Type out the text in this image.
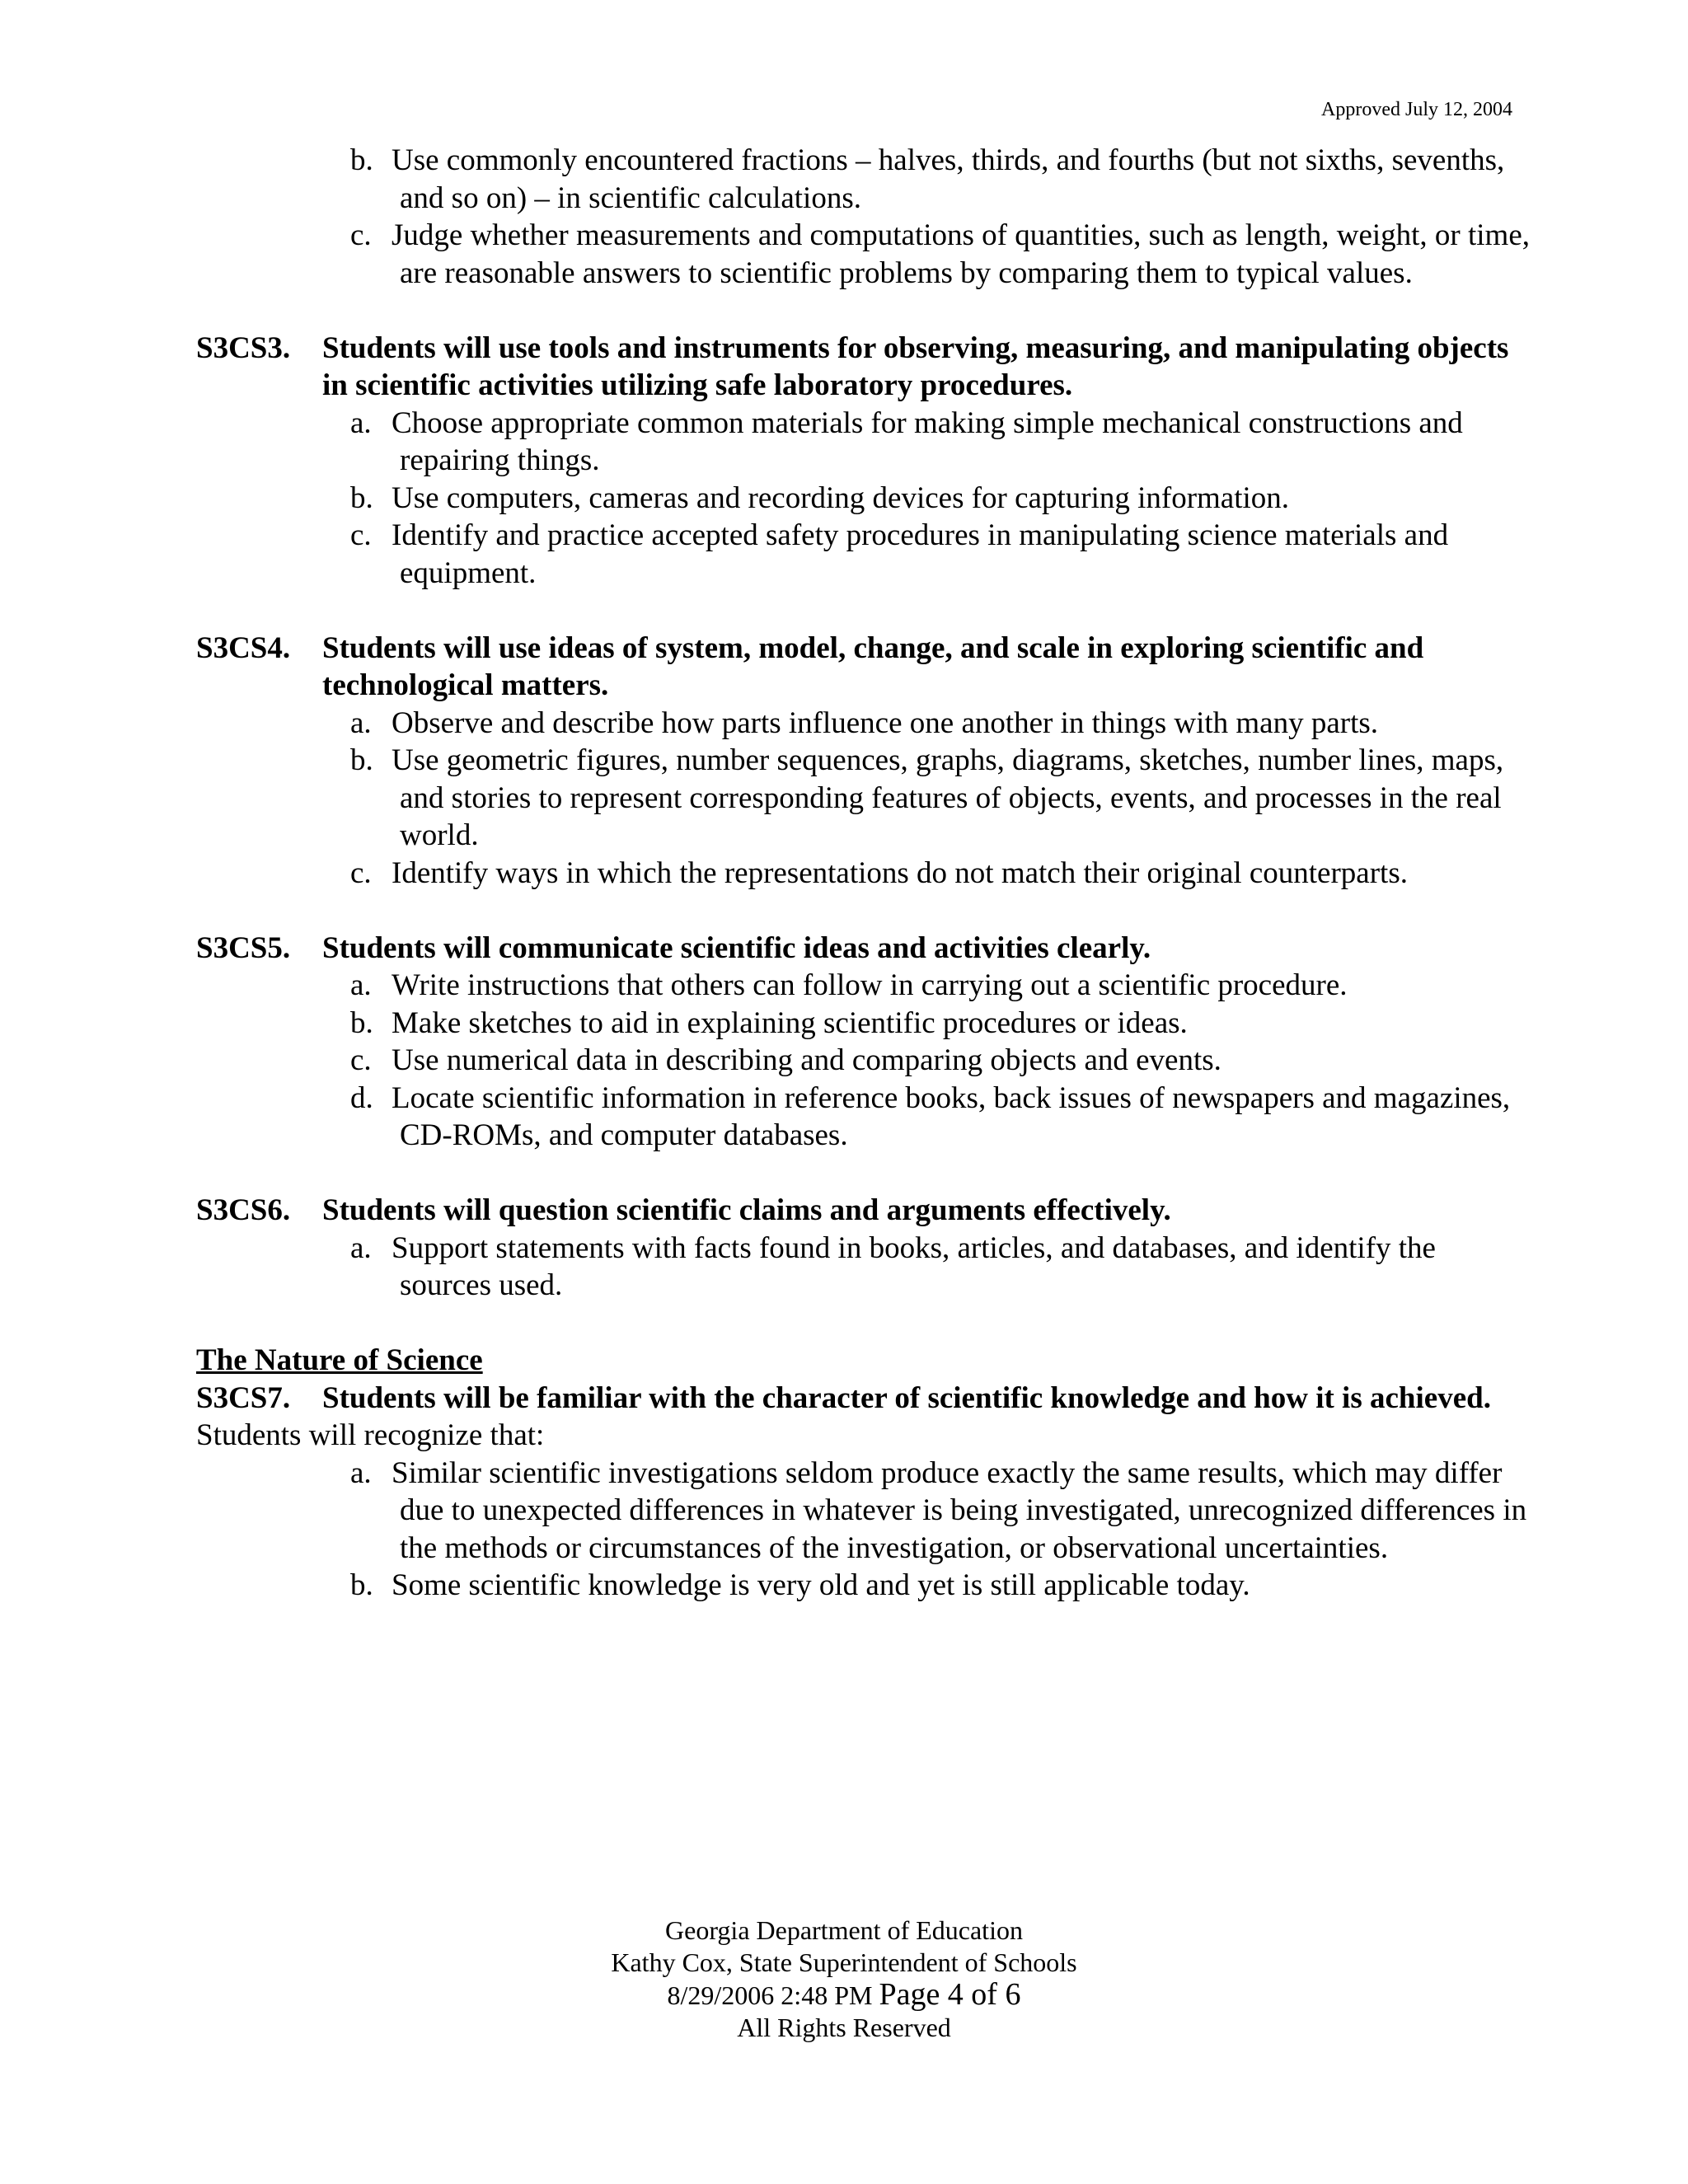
Approved July 12, 2004

b. Use commonly encountered fractions – halves, thirds, and fourths (but not sixths, sevenths, and so on) – in scientific calculations.

c. Judge whether measurements and computations of quantities, such as length, weight, or time, are reasonable answers to scientific problems by comparing them to typical values.

S3CS3. Students will use tools and instruments for observing, measuring, and manipulating objects in scientific activities utilizing safe laboratory procedures.

a. Choose appropriate common materials for making simple mechanical constructions and repairing things.

b. Use computers, cameras and recording devices for capturing information.

c. Identify and practice accepted safety procedures in manipulating science materials and equipment.

S3CS4. Students will use ideas of system, model, change, and scale in exploring scientific and technological matters.

a. Observe and describe how parts influence one another in things with many parts.

b. Use geometric figures, number sequences, graphs, diagrams, sketches, number lines, maps, and stories to represent corresponding features of objects, events, and processes in the real world.

c. Identify ways in which the representations do not match their original counterparts.

S3CS5. Students will communicate scientific ideas and activities clearly.

a. Write instructions that others can follow in carrying out a scientific procedure.

b. Make sketches to aid in explaining scientific procedures or ideas.

c. Use numerical data in describing and comparing objects and events.

d. Locate scientific information in reference books, back issues of newspapers and magazines, CD-ROMs, and computer databases.

S3CS6. Students will question scientific claims and arguments effectively.

a. Support statements with facts found in books, articles, and databases, and identify the sources used.

The Nature of Science
S3CS7. Students will be familiar with the character of scientific knowledge and how it is achieved.

Students will recognize that:

a. Similar scientific investigations seldom produce exactly the same results, which may differ due to unexpected differences in whatever is being investigated, unrecognized differences in the methods or circumstances of the investigation, or observational uncertainties.

b. Some scientific knowledge is very old and yet is still applicable today.

Georgia Department of Education
Kathy Cox, State Superintendent of Schools
8/29/2006 2:48 PM Page 4 of 6
All Rights Reserved
